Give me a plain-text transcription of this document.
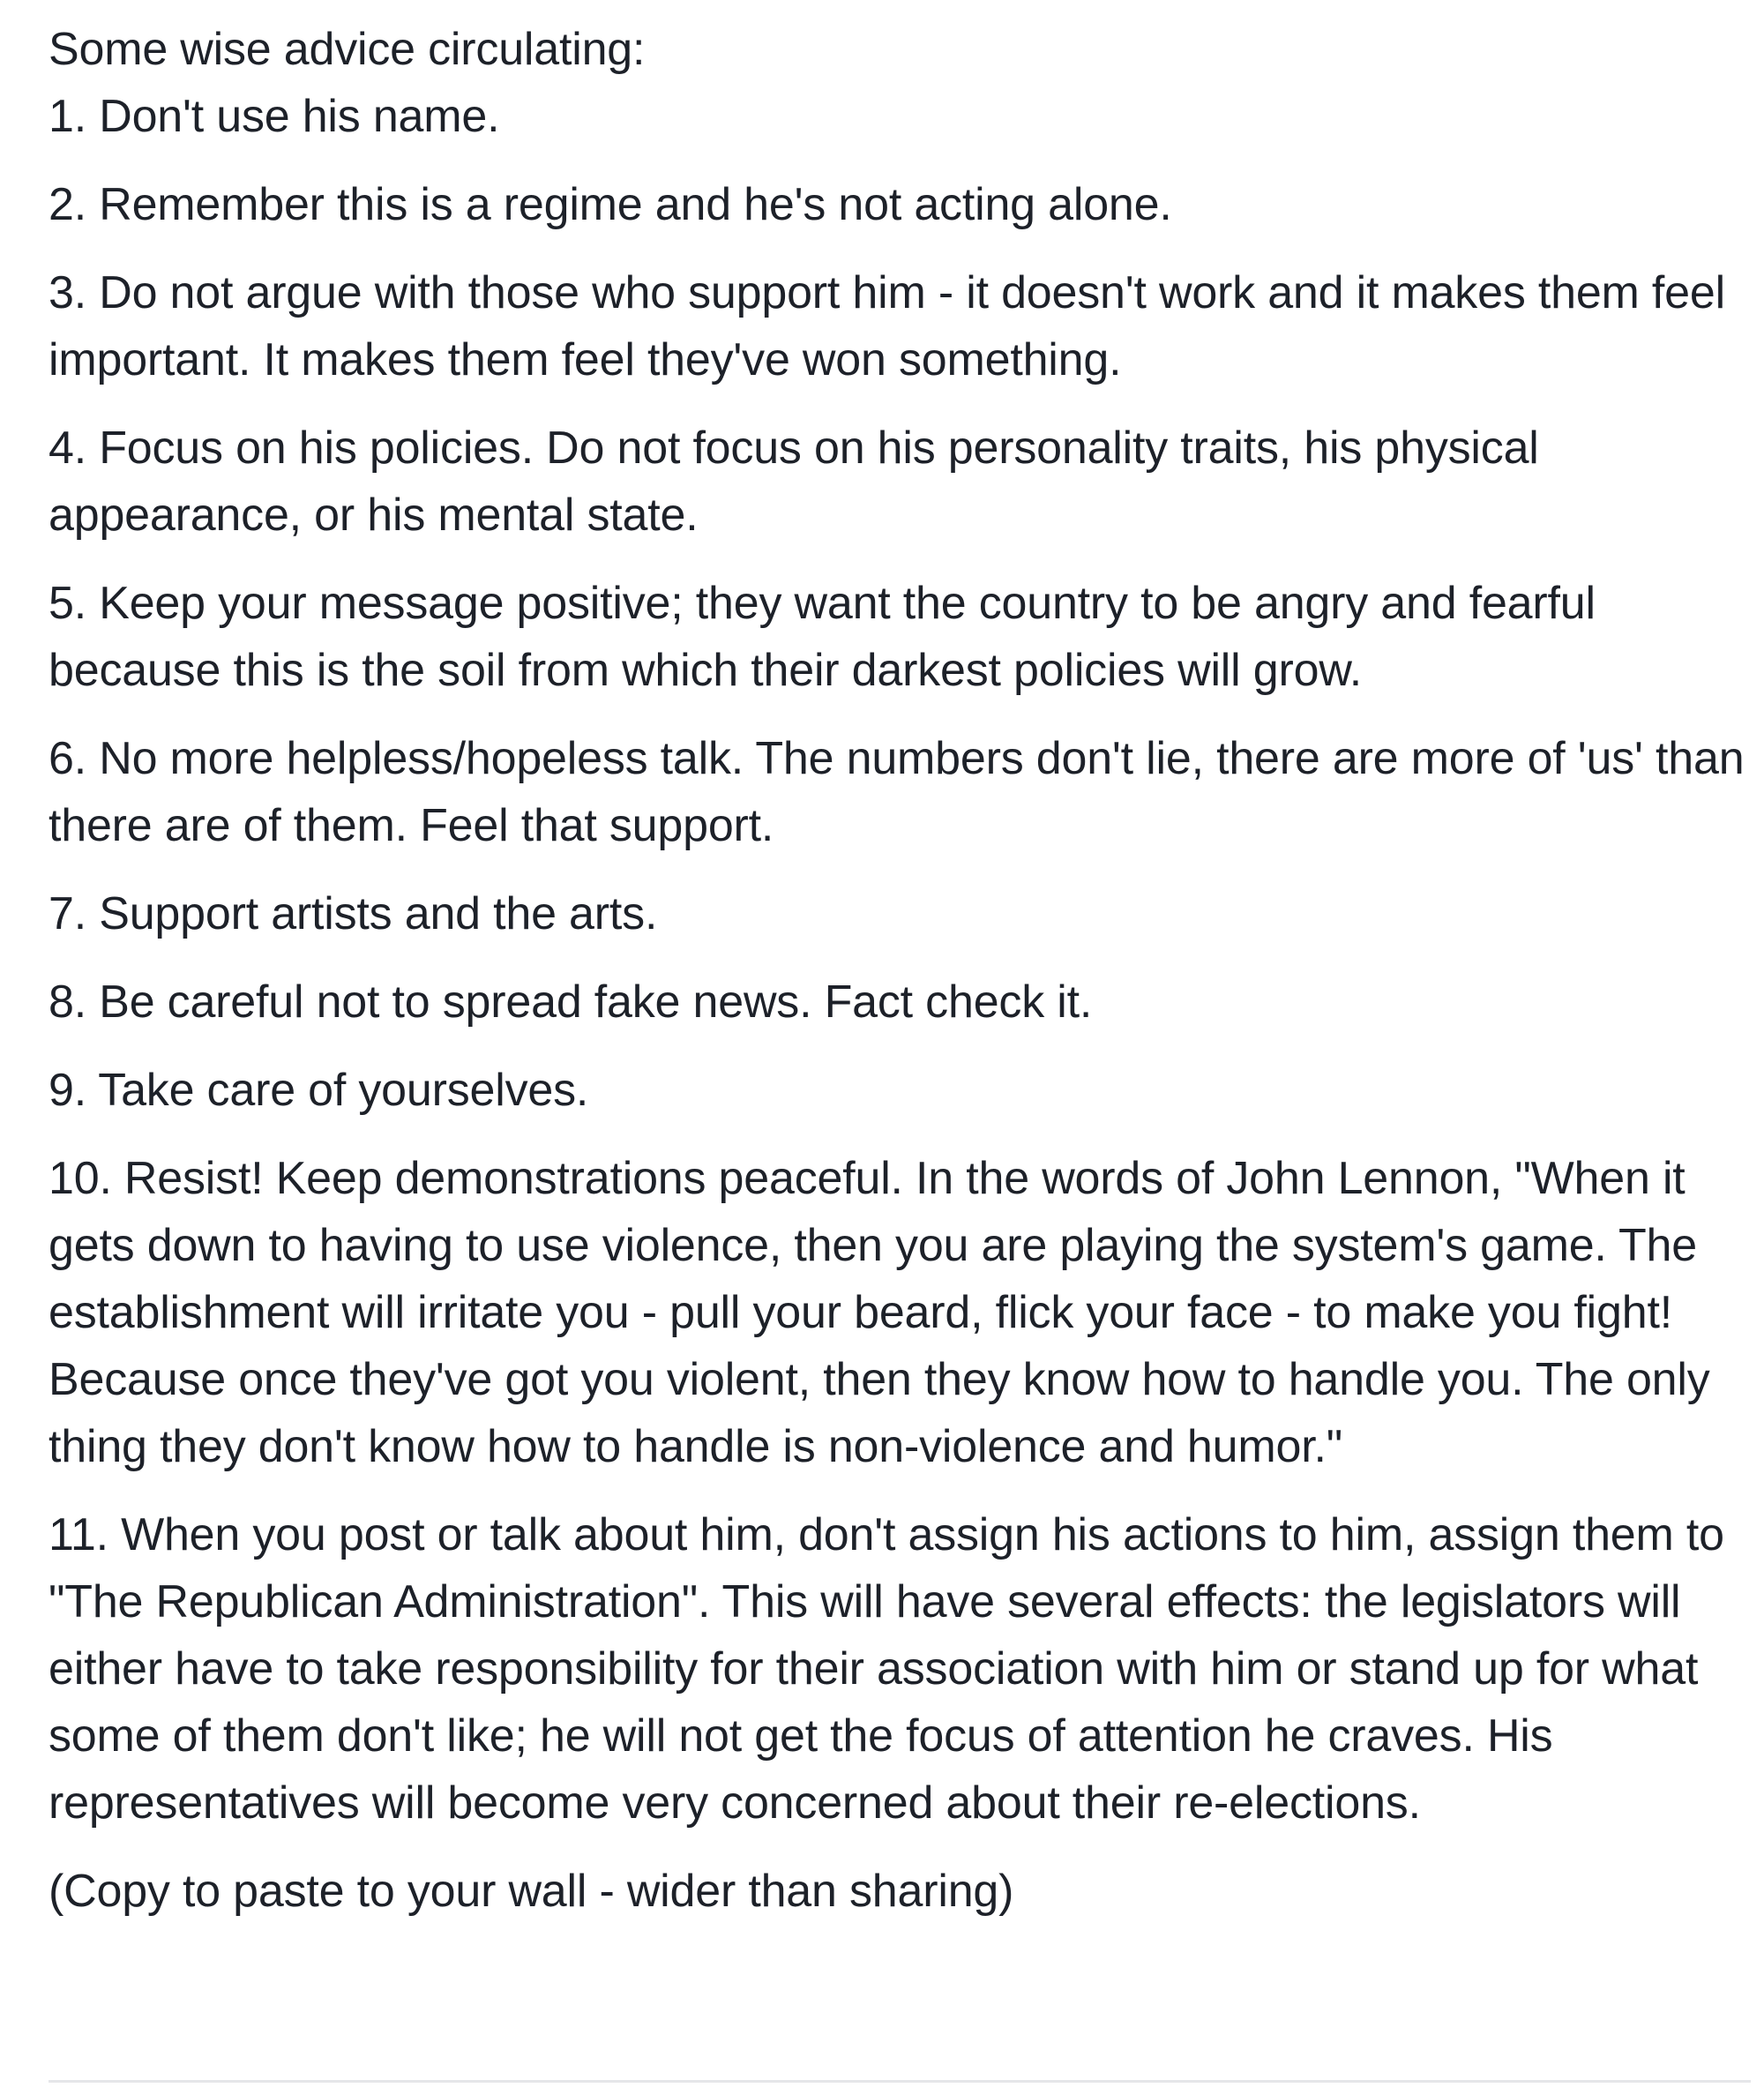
Some wise advice circulating:

1. Don't use his name.
2. Remember this is a regime and he's not acting alone.
3. Do not argue with those who support him - it doesn't work and it makes them feel important. It makes them feel they've won something.
4. Focus on his policies. Do not focus on his personality traits, his physical appearance, or his mental state.
5. Keep your message positive; they want the country to be angry and fearful because this is the soil from which their darkest policies will grow.
6. No more helpless/hopeless talk. The numbers don't lie, there are more of 'us' than there are of them. Feel that support.
7. Support artists and the arts.
8. Be careful not to spread fake news. Fact check it.
9. Take care of yourselves.
10. Resist! Keep demonstrations peaceful. In the words of John Lennon, "When it gets down to having to use violence, then you are playing the system's game. The establishment will irritate you - pull your beard, flick your face - to make you fight! Because once they've got you violent, then they know how to handle you. The only thing they don't know how to handle is non-violence and humor."
11. When you post or talk about him, don't assign his actions to him, assign them to "The Republican Administration". This will have several effects: the legislators will either have to take responsibility for their association with him or stand up for what some of them don't like; he will not get the focus of attention he craves. His representatives will become very concerned about their re-elections.

(Copy to paste to your wall - wider than sharing)
